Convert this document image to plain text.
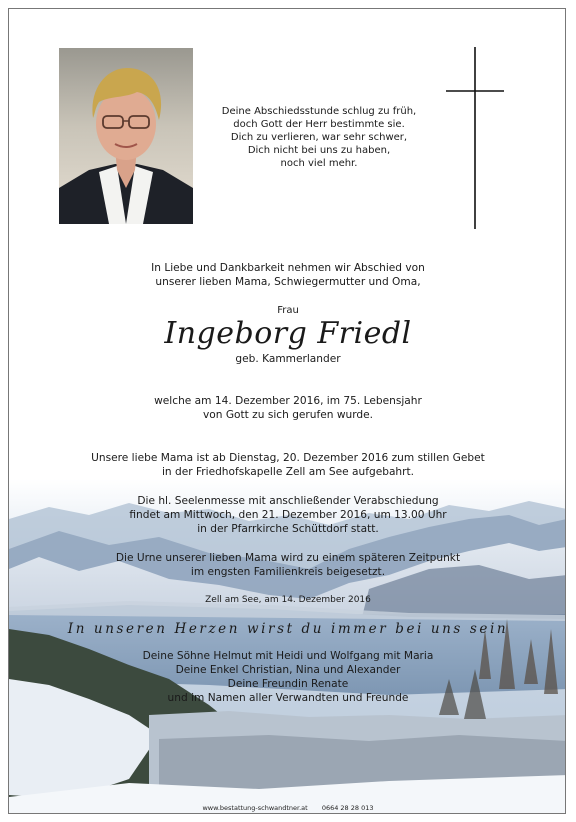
Deine Abschiedsstunde schlug zu früh,
doch Gott der Herr bestimmte sie.
Dich zu verlieren, war sehr schwer,
Dich nicht bei uns zu haben,
noch viel mehr.
In Liebe und Dankbarkeit nehmen wir Abschied von
unserer lieben Mama, Schwiegermutter und Oma,
Frau
Ingeborg Friedl
geb. Kammerlander
welche am 14. Dezember 2016, im 75. Lebensjahr
von Gott zu sich gerufen wurde.
Unsere liebe Mama ist ab Dienstag, 20. Dezember 2016 zum stillen Gebet
in der Friedhofskapelle Zell am See aufgebahrt.
Die hl. Seelenmesse mit anschließender Verabschiedung
findet am Mittwoch, den 21. Dezember 2016, um 13.00 Uhr
in der Pfarrkirche Schüttdorf statt.
Die Urne unserer lieben Mama wird zu einem späteren Zeitpunkt
im engsten Familienkreis beigesetzt.
Zell am See, am 14. Dezember 2016
In unseren Herzen wirst du immer bei uns sein
Deine Söhne Helmut mit Heidi und Wolfgang mit Maria
Deine Enkel Christian, Nina und Alexander
Deine Freundin Renate
und im Namen aller Verwandten und Freunde
www.bestattung-schwandtner.at 0664 28 28 013
